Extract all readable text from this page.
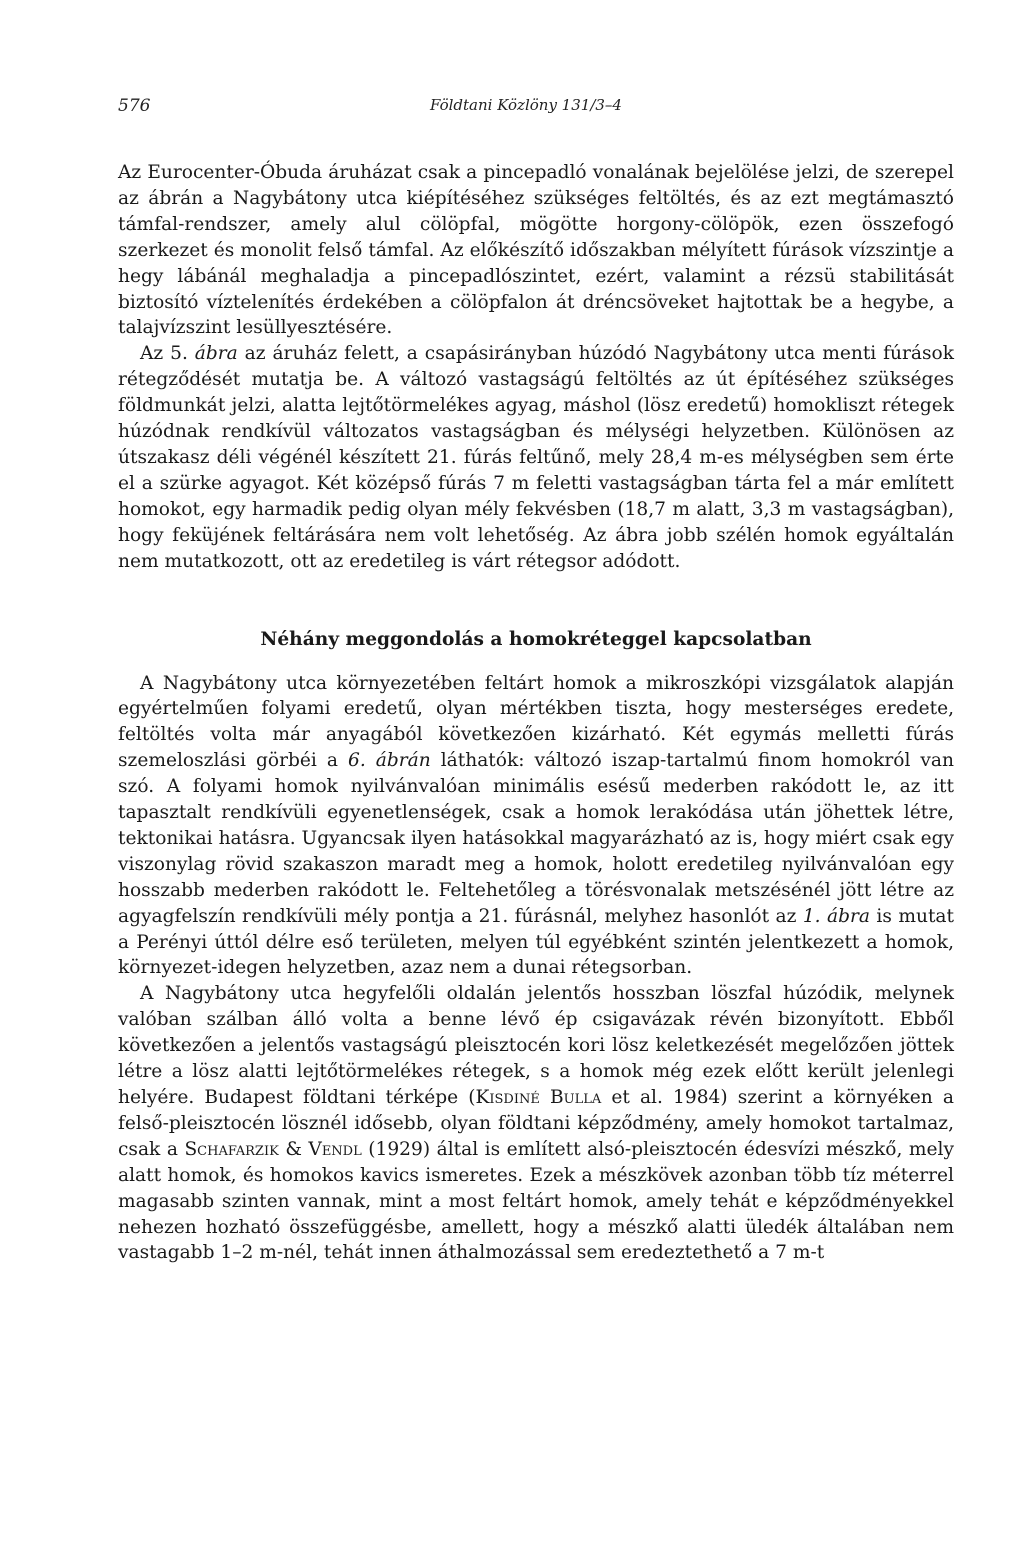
576	Földtani Közlöny 131/3–4

Az Eurocenter-Óbuda áruházat csak a pincepadló vonalának bejelölése jelzi, de szerepel az ábrán a Nagybátony utca kiépítéséhez szükséges feltöltés, és az ezt megtámasztó támfal-rendszer, amely alul cölöpfal, mögötte horgony-cölöpök, ezen összefogó szerkezet és monolit felső támfal. Az előkészítő időszakban mélyített fúrások vízszintje a hegy lábánál meghaladja a pincepadlószintet, ezért, valamint a rézsü stabilitását biztosító víztelenítés érdekében a cölöpfalon át dréncsöveket hajtottak be a hegybe, a talajvízszint lesüllyesztésére.

Az 5. ábra az áruház felett, a csapásirányban húzódó Nagybátony utca menti fúrások rétegződését mutatja be. A változó vastagságú feltöltés az út építéséhez szükséges földmunkát jelzi, alatta lejtőtörmelékes agyag, máshol (lösz eredetű) homokliszt rétegek húzódnak rendkívül változatos vastagságban és mélységi helyzetben. Különösen az útszakasz déli végénél készített 21. fúrás feltűnő, mely 28,4 m-es mélységben sem érte el a szürke agyagot. Két középső fúrás 7 m feletti vastagságban tárta fel a már említett homokot, egy harmadik pedig olyan mély fekvésben (18,7 m alatt, 3,3 m vastagságban), hogy feküjének feltárására nem volt lehetőség. Az ábra jobb szélén homok egyáltalán nem mutatkozott, ott az eredetileg is várt rétegsor adódott.

Néhány meggondolás a homokréteggel kapcsolatban

A Nagybátony utca környezetében feltárt homok a mikroszkópi vizsgálatok alapján egyértelműen folyami eredetű, olyan mértékben tiszta, hogy mesterséges eredete, feltöltés volta már anyagából következően kizárható. Két egymás melletti fúrás szemeloszlási görbéi a 6. ábrán láthatók: változó iszap-tartalmú finom homokról van szó. A folyami homok nyilvánvalóan minimális esésű mederben rakódott le, az itt tapasztalt rendkívüli egyenetlenségek, csak a homok lerakódása után jöhettek létre, tektonikai hatásra. Ugyancsak ilyen hatásokkal magyarázható az is, hogy miért csak egy viszonylag rövid szakaszon maradt meg a homok, holott eredetileg nyilvánvalóan egy hosszabb mederben rakódott le. Feltehetőleg a törésvonalak metszésénél jött létre az agyagfelszín rendkívüli mély pontja a 21. fúrásnál, melyhez hasonlót az 1. ábra is mutat a Perényi úttól délre eső területen, melyen túl egyébként szintén jelentkezett a homok, környezet-idegen helyzetben, azaz nem a dunai rétegsorban.

A Nagybátony utca hegyfelőli oldalán jelentős hosszban löszfal húzódik, melynek valóban szálban álló volta a benne lévő ép csigavázak révén bizonyított. Ebből következően a jelentős vastagságú pleisztocén kori lösz keletkezését megelőzően jöttek létre a lösz alatti lejtőtörmelékes rétegek, s a homok még ezek előtt került jelenlegi helyére. Budapest földtani térképe (Kisdiné Bulla et al. 1984) szerint a környéken a felső-pleisztocén lösznél idősebb, olyan földtani képződmény, amely homokot tartalmaz, csak a Schafarzik & Vendl (1929) által is említett alsó-pleisztocén édesvízi mészkő, mely alatt homok, és homokos kavics ismeretes. Ezek a mészkövek azonban több tíz méterrel magasabb szinten vannak, mint a most feltárt homok, amely tehát e képződményekkel nehezen hozható összefüggésbe, amellett, hogy a mészkő alatti üledék általában nem vastagabb 1–2 m-nél, tehát innen áthalmozással sem eredeztethető a 7 m-t
